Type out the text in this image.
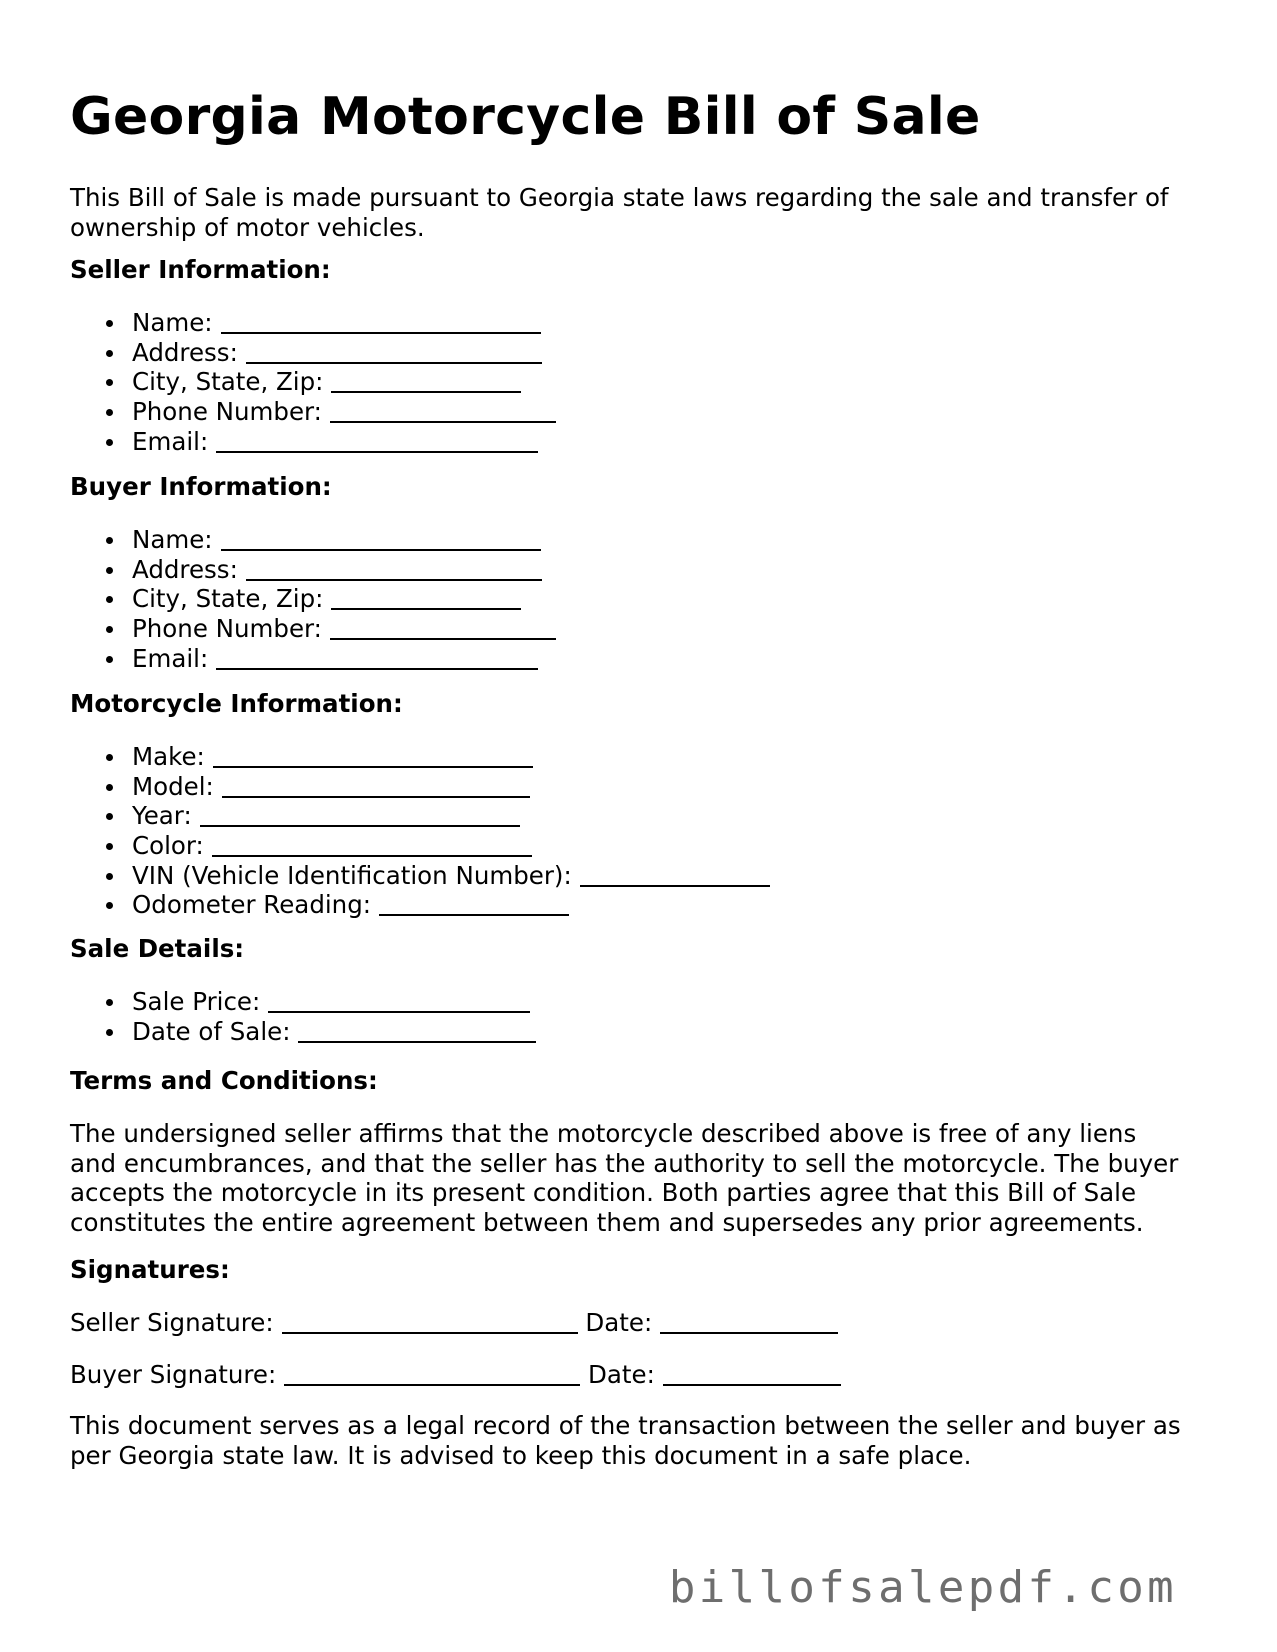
Georgia Motorcycle Bill of Sale

This Bill of Sale is made pursuant to Georgia state laws regarding the sale and transfer of ownership of motor vehicles.

Seller Information:
Name:
Address:
City, State, Zip:
Phone Number:
Email:
Buyer Information:
Name:
Address:
City, State, Zip:
Phone Number:
Email:
Motorcycle Information:
Make:
Model:
Year:
Color:
VIN (Vehicle Identification Number):
Odometer Reading:
Sale Details:
Sale Price:
Date of Sale:
Terms and Conditions:

The undersigned seller affirms that the motorcycle described above is free of any liens and encumbrances, and that the seller has the authority to sell the motorcycle. The buyer accepts the motorcycle in its present condition. Both parties agree that this Bill of Sale constitutes the entire agreement between them and supersedes any prior agreements.

Signatures:

Seller Signature:	Date:

Buyer Signature:	Date:

This document serves as a legal record of the transaction between the seller and buyer as per Georgia state law. It is advised to keep this document in a safe place.

billofsalepdf.com
